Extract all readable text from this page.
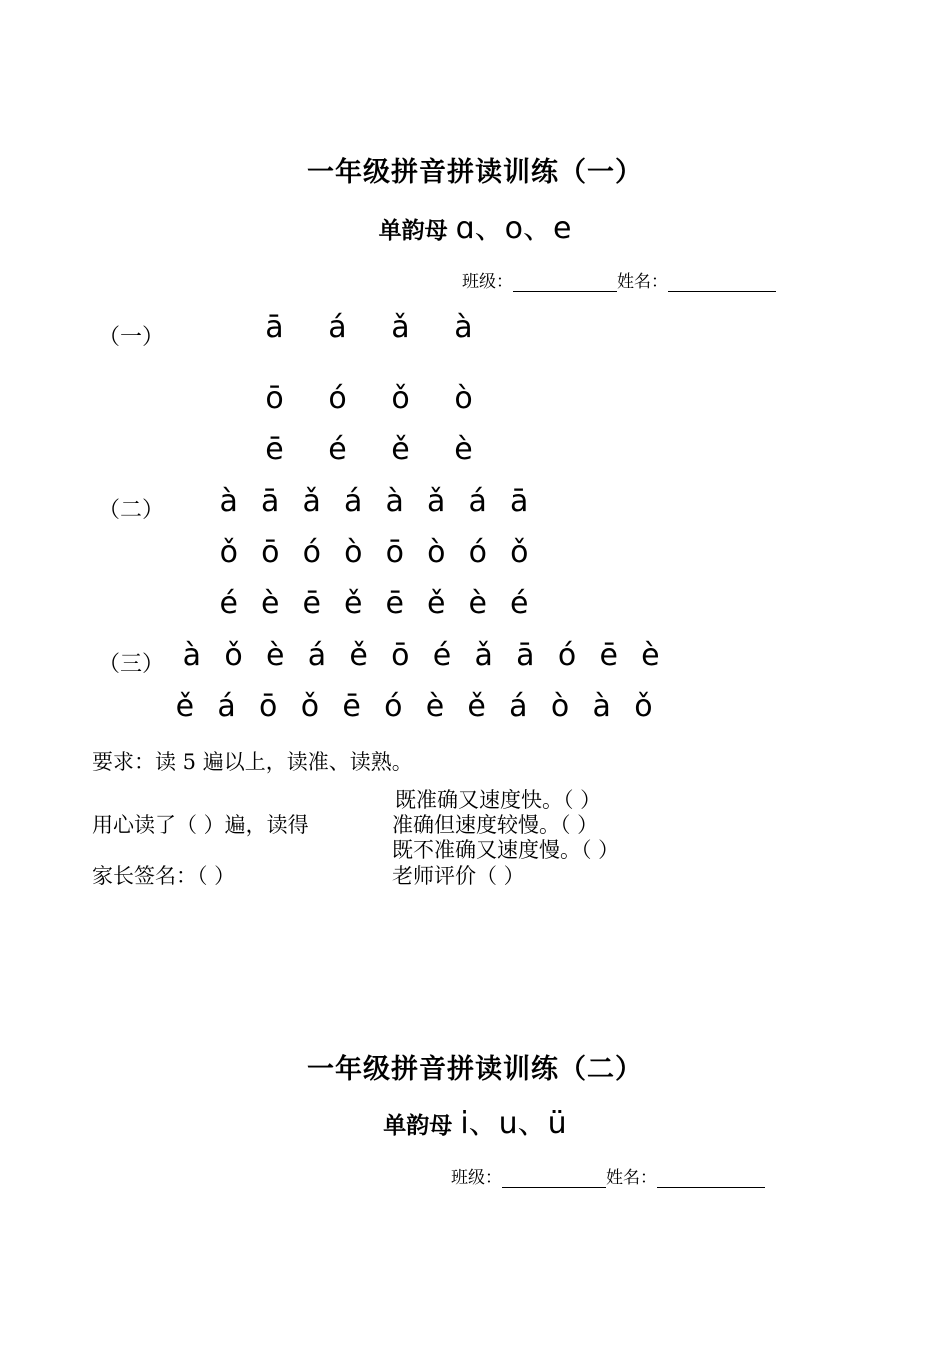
一年级拼音拼读训练（一）
单韵母 ɑ、o、e
班级：	姓名：
（一）	ā	á	ǎ	à
ō	ó	ǒ	ò
ē	é	ě	è
（二）	à ā ǎ á à ǎ á ā
ǒ ō ó ò ō ò ó ǒ
é è ē ě ē ě è é
（三） à ǒ è á ě ō é ǎ ā ó ē è
ě á ō ǒ ē ó è ě á ò à ǒ
要求：读 5 遍以上，读准、读熟。
既准确又速度快。（ ）
用心读了（ ）遍，读得	准确但速度较慢。（ ）
既不准确又速度慢。（ ）
家长签名：（ ）	老师评价（ ）
一年级拼音拼读训练（二）
单韵母 i、u、ü
班级：	姓名：
